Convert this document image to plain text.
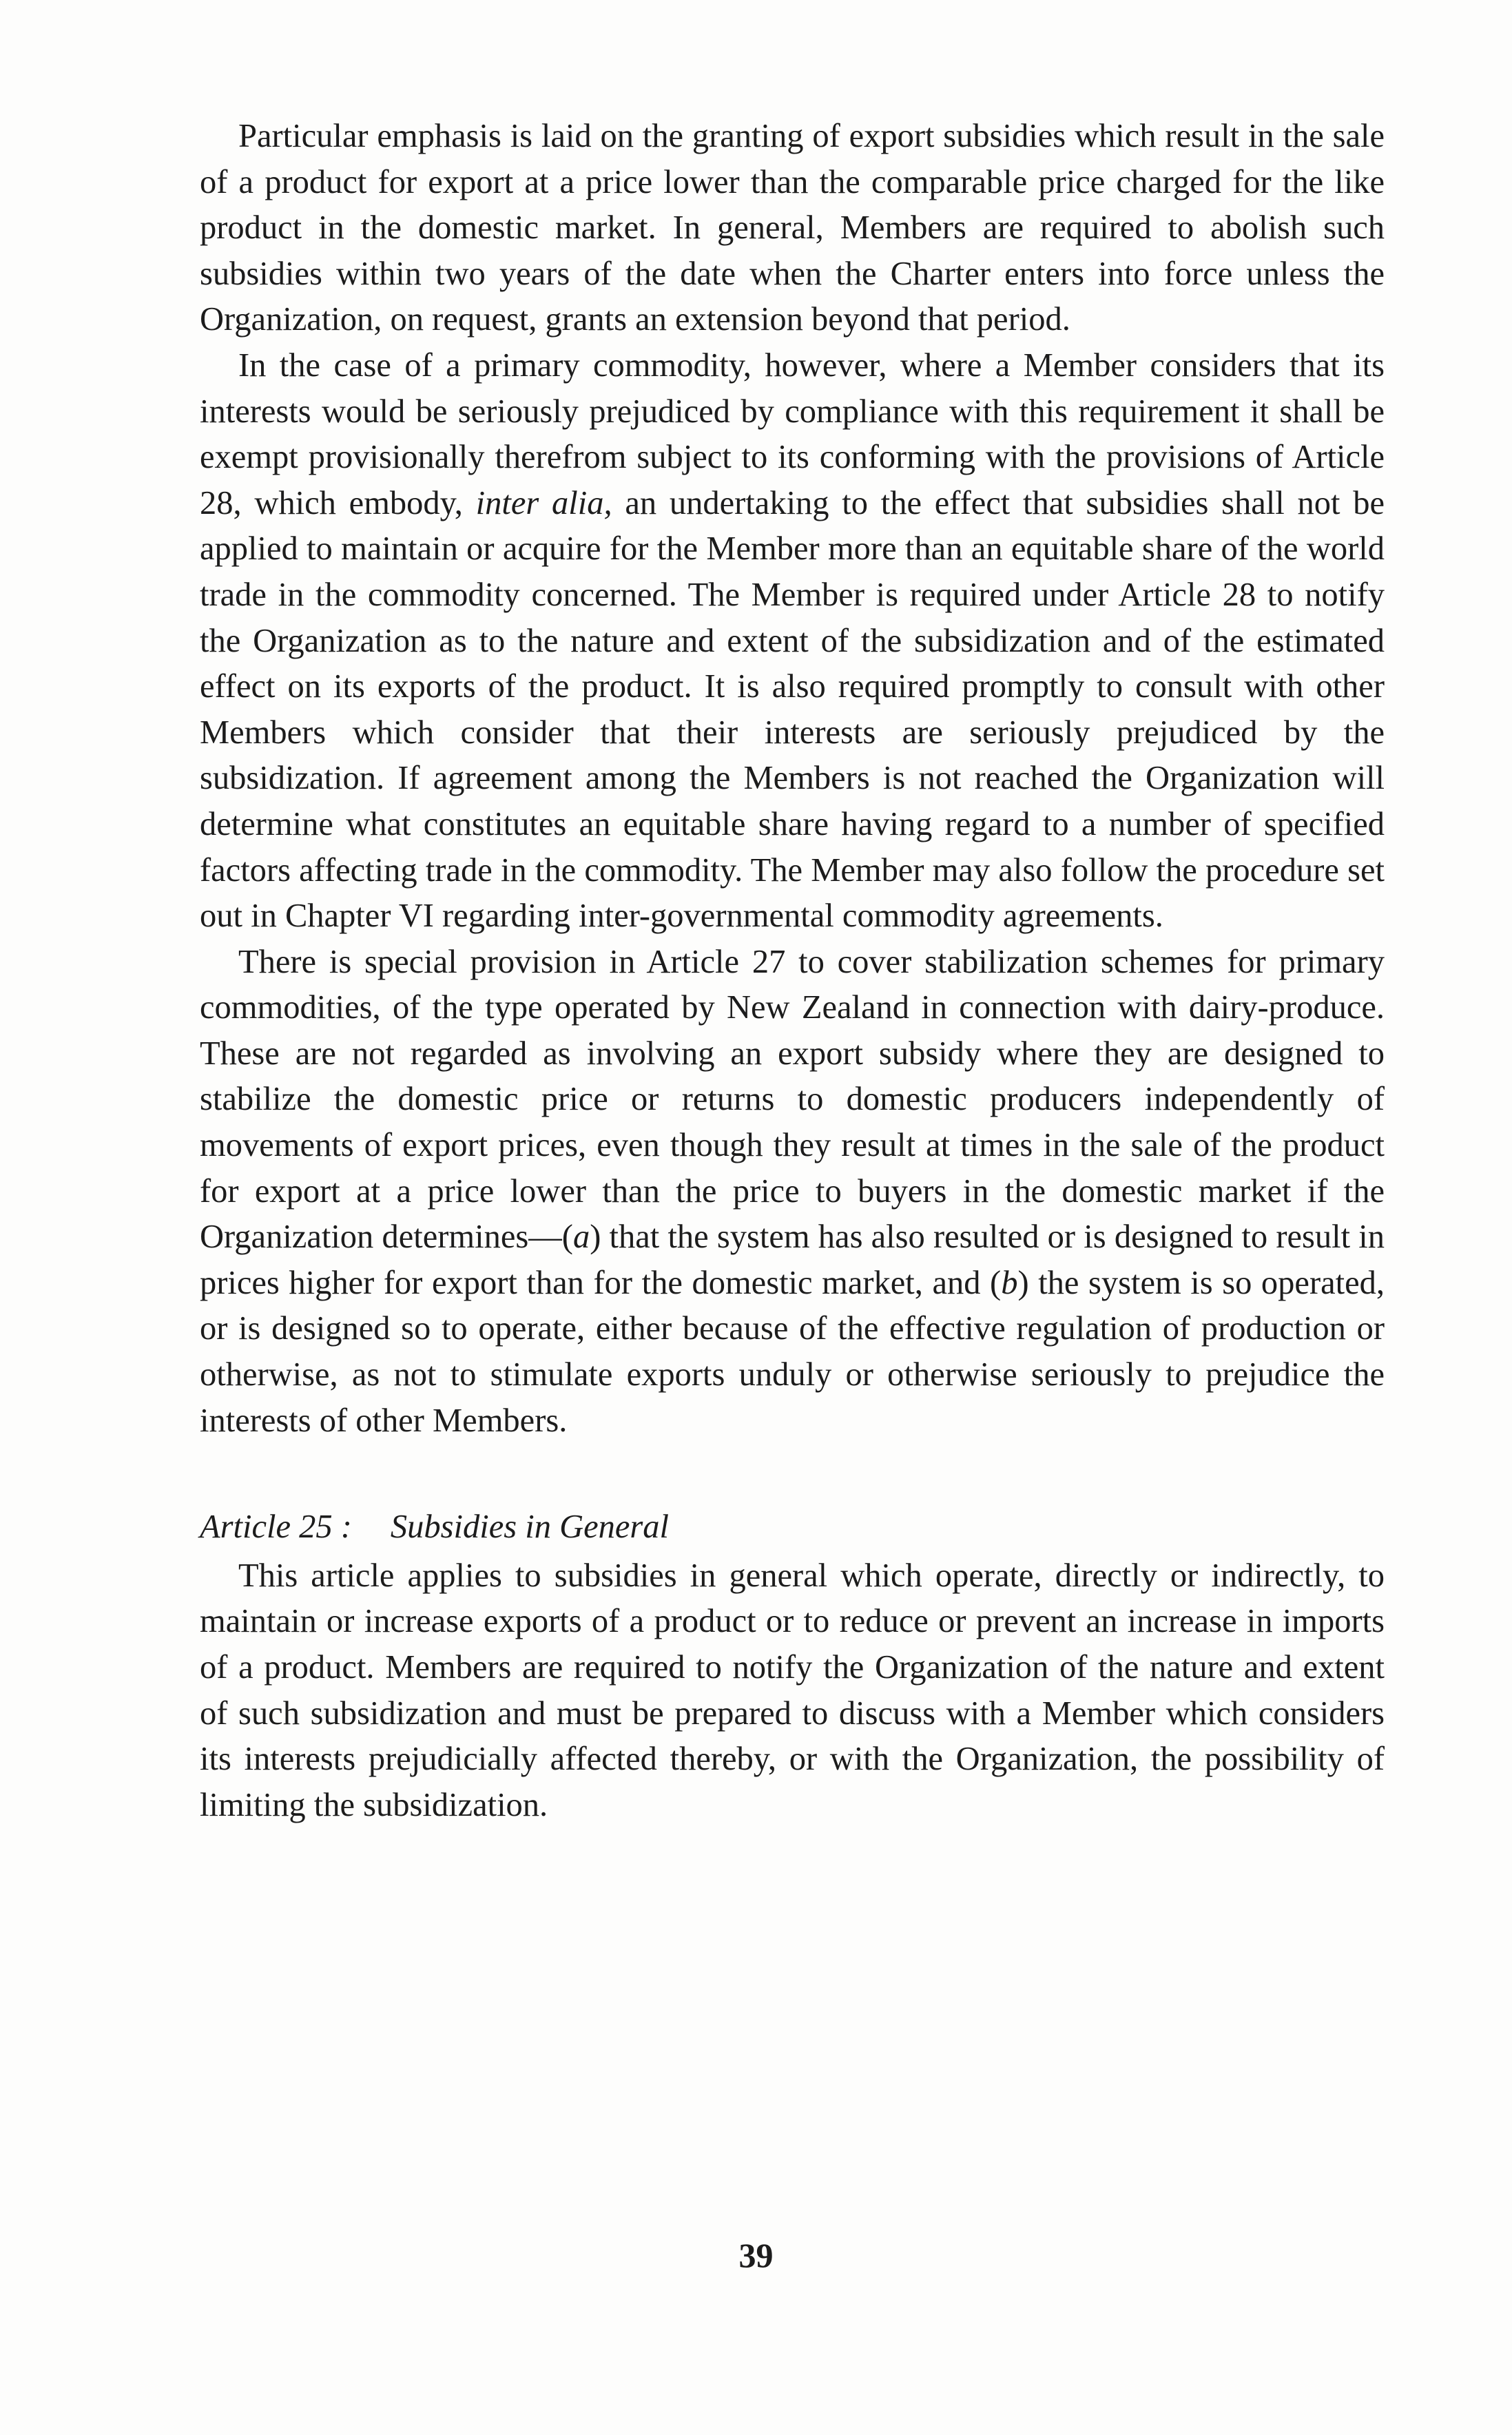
Particular emphasis is laid on the granting of export subsidies which result in the sale of a product for export at a price lower than the comparable price charged for the like product in the domestic market. In general, Members are required to abolish such subsidies within two years of the date when the Charter enters into force unless the Organization, on request, grants an extension beyond that period.

In the case of a primary commodity, however, where a Member considers that its interests would be seriously prejudiced by compliance with this requirement it shall be exempt provisionally therefrom subject to its conforming with the provisions of Article 28, which embody, inter alia, an undertaking to the effect that subsidies shall not be applied to maintain or acquire for the Member more than an equitable share of the world trade in the commodity concerned. The Member is required under Article 28 to notify the Organization as to the nature and extent of the subsidization and of the estimated effect on its exports of the product. It is also required promptly to consult with other Members which consider that their interests are seriously prejudiced by the subsidization. If agreement among the Members is not reached the Organization will determine what constitutes an equitable share having regard to a number of specified factors affecting trade in the commodity. The Member may also follow the procedure set out in Chapter VI regarding inter-governmental commodity agreements.

There is special provision in Article 27 to cover stabilization schemes for primary commodities, of the type operated by New Zealand in connection with dairy-produce. These are not regarded as involving an export subsidy where they are designed to stabilize the domestic price or returns to domestic producers independently of movements of export prices, even though they result at times in the sale of the product for export at a price lower than the price to buyers in the domestic market if the Organization determines—(a) that the system has also resulted or is designed to result in prices higher for export than for the domestic market, and (b) the system is so operated, or is designed so to operate, either because of the effective regulation of production or otherwise, as not to stimulate exports unduly or otherwise seriously to prejudice the interests of other Members.

Article 25 : Subsidies in General

This article applies to subsidies in general which operate, directly or indirectly, to maintain or increase exports of a product or to reduce or prevent an increase in imports of a product. Members are required to notify the Organization of the nature and extent of such subsidization and must be prepared to discuss with a Member which considers its interests prejudicially affected thereby, or with the Organization, the possibility of limiting the subsidization.

39
